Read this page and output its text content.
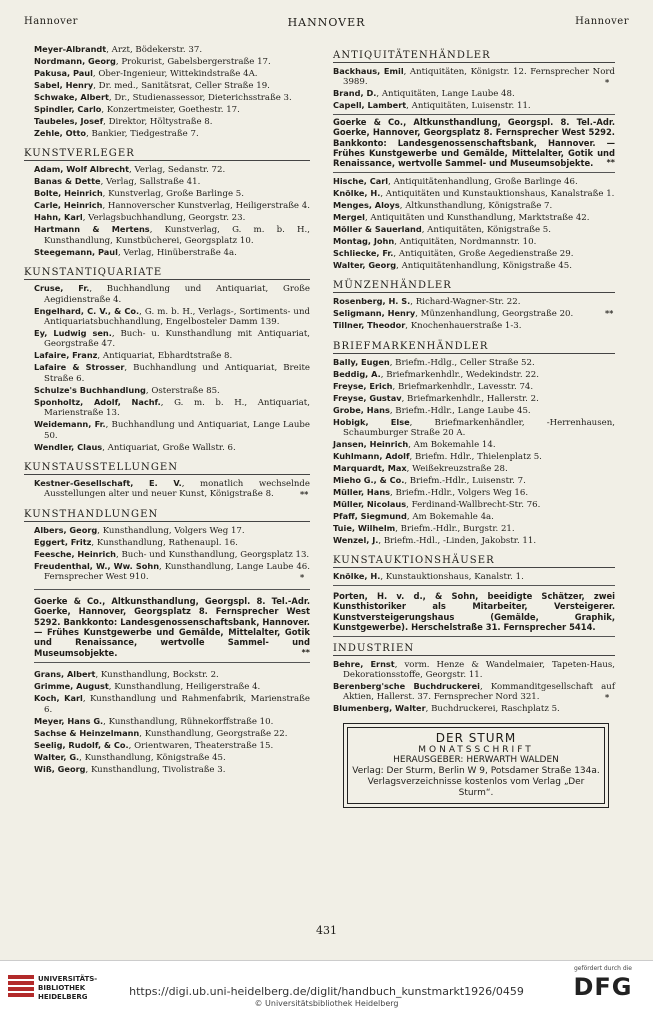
Hannover	HANNOVER	Hannover
Meyer-Albrandt, Arzt, Bödekerstr. 37.
Nordmann, Georg, Prokurist, Gabelsbergerstraße 17.
Pakusa, Paul, Ober-Ingenieur, Wittekindstraße 4A.
Sabel, Henry, Dr. med., Sanitätsrat, Celler Straße 19.
Schwake, Albert, Dr., Studienassessor, Dieterichsstraße 3.
Spindler, Carlo, Konzertmeister, Goethestr. 17.
Taubeles, Josef, Direktor, Höltystraße 8.
Zehle, Otto, Bankier, Tiedgestraße 7.
KUNSTVERLEGER
Adam, Wolf Albrecht, Verlag, Sedanstr. 72.
Banas & Dette, Verlag, Sallstraße 41.
Bolte, Heinrich, Kunstverlag, Große Barlinge 5.
Carle, Heinrich, Hannoverscher Kunstverlag, Heiligerstraße 4.
Hahn, Karl, Verlagsbuchhandlung, Georgstr. 23.
Hartmann & Mertens, Kunstverlag, G. m. b. H., Kunsthandlung, Kunstbücherei, Georgsplatz 10.
Steegemann, Paul, Verlag, Hinüberstraße 4a.
KUNSTANTIQUARIATE
Cruse, Fr., Buchhandlung und Antiquariat, Große Aegidienstraße 4.
Engelhard, C. V., & Co., G. m. b. H., Verlags-, Sortiments- und Antiquariatsbuchhandlung, Engelbosteler Damm 139.
Ey, Ludwig sen., Buch- u. Kunsthandlung mit Antiquariat, Georgstraße 47.
Lafaire, Franz, Antiquariat, Ebhardtstraße 8.
Lafaire & Strosser, Buchhandlung und Antiquariat, Breite Straße 6.
Schulze's Buchhandlung, Osterstraße 85.
Sponholtz, Adolf, Nachf., G. m. b. H., Antiquariat, Marienstraße 13.
Weidemann, Fr., Buchhandlung und Antiquariat, Lange Laube 50.
Wendler, Claus, Antiquariat, Große Wallstr. 6.
KUNSTAUSSTELLUNGEN
Kestner-Gesellschaft, E. V., monatlich wechselnde Ausstellungen alter und neuer Kunst, Königstraße 8.	**
KUNSTHANDLUNGEN
Albers, Georg, Kunsthandlung, Volgers Weg 17.
Eggert, Fritz, Kunsthandlung, Rathenaupl. 16.
Feesche, Heinrich, Buch- und Kunsthandlung, Georgsplatz 13.
Freudenthal, W., Ww. Sohn, Kunsthandlung, Lange Laube 46. Fernsprecher West 910.	*
Goerke & Co., Altkunsthandlung, Georgspl. 8. Tel.-Adr. Goerke, Hannover, Georgsplatz 8. Fernsprecher West 5292. Bankkonto: Landesgenossenschaftsbank, Hannover. — Frühes Kunstgewerbe und Gemälde, Mittelalter, Gotik und Renaissance, wertvolle Sammel- und Museumsobjekte.	**
Grans, Albert, Kunsthandlung, Bockstr. 2.
Grimme, August, Kunsthandlung, Heiligerstraße 4.
Koch, Karl, Kunsthandlung und Rahmenfabrik, Marienstraße 6.
Meyer, Hans G., Kunsthandlung, Rühnekorffstraße 10.
Sachse & Heinzelmann, Kunsthandlung, Georgstraße 22.
Seelig, Rudolf, & Co., Orientwaren, Theaterstraße 15.
Walter, G., Kunsthandlung, Königstraße 45.
Wiß, Georg, Kunsthandlung, Tivolistraße 3.
ANTIQUITÄTENHÄNDLER
Backhaus, Emil, Antiquitäten, Königstr. 12. Fernsprecher Nord 3989.	*
Brand, D., Antiquitäten, Lange Laube 48.
Capell, Lambert, Antiquitäten, Luisenstr. 11.
Goerke & Co., Altkunsthandlung, Georgspl. 8. Tel.-Adr. Goerke, Hannover, Georgsplatz 8. Fernsprecher West 5292. Bankkonto: Landesgenossenschaftsbank, Hannover. — Frühes Kunstgewerbe und Gemälde, Mittelalter, Gotik und Renaissance, wertvolle Sammel- und Museumsobjekte. **
Hische, Carl, Antiquitätenhandlung, Große Barlinge 46.
Knölke, H., Antiquitäten und Kunstauktionshaus, Kanalstraße 1.
Menges, Aloys, Altkunsthandlung, Königstraße 7.
Mergel, Antiquitäten und Kunsthandlung, Marktstraße 42.
Möller & Sauerland, Antiquitäten, Königstraße 5.
Montag, John, Antiquitäten, Nordmannstr. 10.
Schliecke, Fr., Antiquitäten, Große Aegedienstraße 29.
Walter, Georg, Antiquitätenhandlung, Königstraße 45.
MÜNZENHÄNDLER
Rosenberg, H. S., Richard-Wagner-Str. 22.
Seligmann, Henry, Münzenhandlung, Georgstraße 20.	**
Tillner, Theodor, Knochenhauerstraße 1-3.
BRIEFMARKENHÄNDLER
Bally, Eugen, Briefm.-Hdlg., Celler Straße 52.
Beddig, A., Briefmarkenhdlr., Wedekindstr. 22.
Freyse, Erich, Briefmarkenhdlr., Lavesstr. 74.
Freyse, Gustav, Briefmarkenhdlr., Hallerstr. 2.
Grobe, Hans, Briefm.-Hdlr., Lange Laube 45.
Hobigk, Else, Briefmarkenhändler, -Herrenhausen, Schaumburger Straße 20 A.
Jansen, Heinrich, Am Bokemahle 14.
Kuhlmann, Adolf, Briefm. Hdlr., Thielenplatz 5.
Marquardt, Max, Weißekreuzstraße 28.
Mieho G., & Co., Briefm.-Hdlr., Luisenstr. 7.
Müller, Hans, Briefm.-Hdlr., Volgers Weg 16.
Müller, Nicolaus, Ferdinand-Wallbrecht-Str. 76.
Pfaff, Siegmund, Am Bokemahle 4a.
Tuie, Wilhelm, Briefm.-Hdlr., Burgstr. 21.
Wenzel, J., Briefm.-Hdl., -Linden, Jakobstr. 11.
KUNSTAUKTIONSHÄUSER
Knölke, H., Kunstauktionshaus, Kanalstr. 1.
Porten, H. v. d., & Sohn, beeidigte Schätzer, zwei Kunsthistoriker als Mitarbeiter, Versteigerer. Kunstversteigerungshaus (Gemälde, Graphik, Kunstgewerbe). Herschelstraße 31. Fernsprecher 5414.
INDUSTRIEN
Behre, Ernst, vorm. Henze & Wandelmaier, Tapeten-Haus, Dekorationsstoffe, Georgstr. 11.
Berenberg'sche Buchdruckerei, Kommanditgesellschaft auf Aktien, Hallerst. 37. Fernsprecher Nord 321.	*
Blumenberg, Walter, Buchdruckerei, Raschplatz 5.
DER STURM
MONATSSCHRIFT
HERAUSGEBER: HERWARTH WALDEN
Verlag: Der Sturm, Berlin W 9, Potsdamer Straße 134a. Verlagsverzeichnisse kostenlos vom Verlag „Der Sturm“.
431
UNIVERSITÄTS-
BIBLIOTHEK
HEIDELBERG	https://digi.ub.uni-heidelberg.de/diglit/handbuch_kunstmarkt1926/0459
© Universitätsbibliothek Heidelberg
gefördert durch die
DFG
